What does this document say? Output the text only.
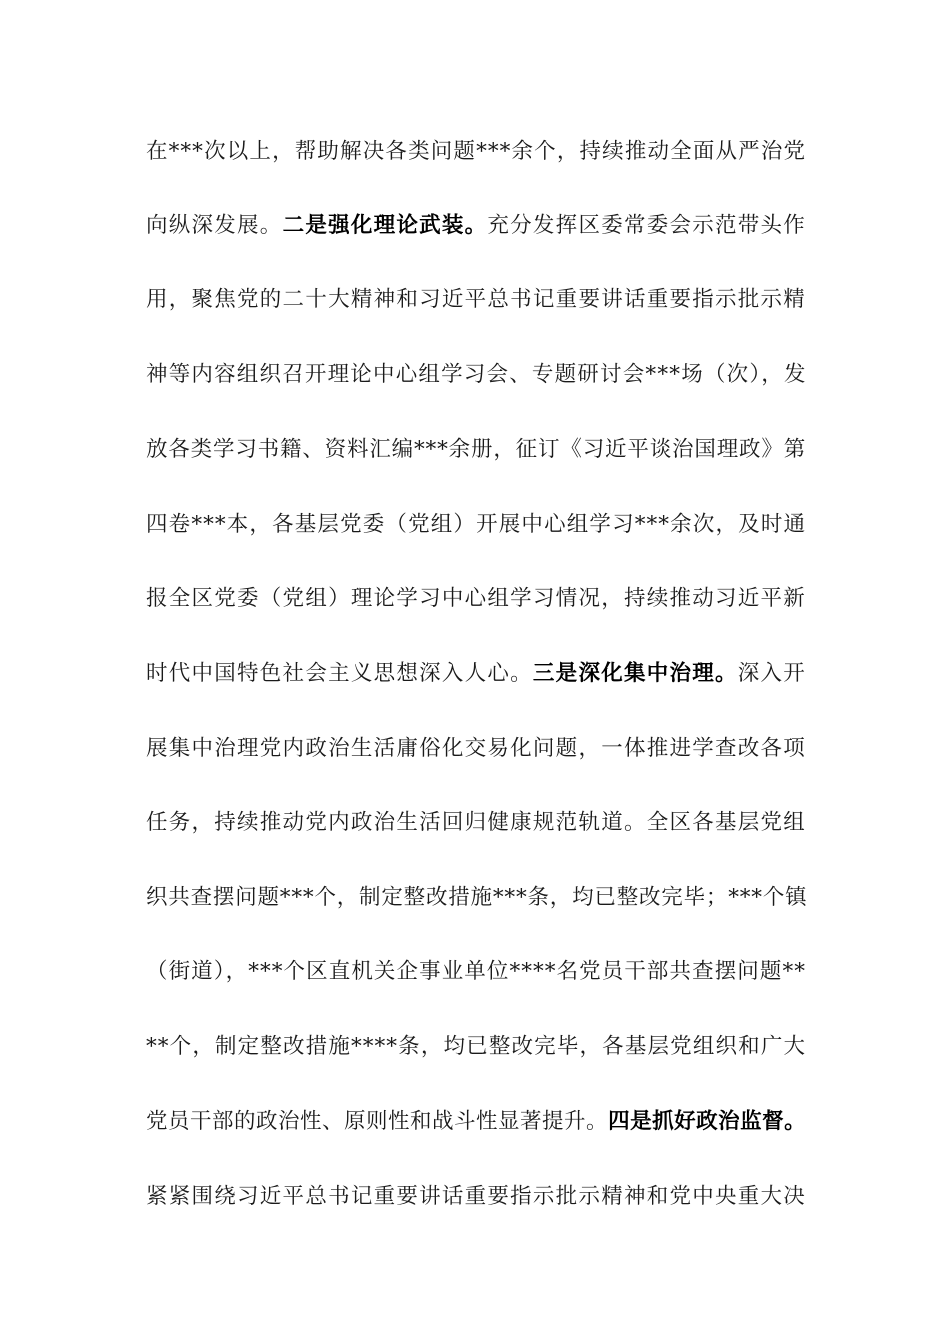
在***次以上，帮助解决各类问题***余个，持续推动全面从严治党
向纵深发展。二是强化理论武装。充分发挥区委常委会示范带头作
用，聚焦党的二十大精神和习近平总书记重要讲话重要指示批示精
神等内容组织召开理论中心组学习会、专题研讨会***场（次），发
放各类学习书籍、资料汇编***余册，征订《习近平谈治国理政》第
四卷***本，各基层党委（党组）开展中心组学习***余次，及时通
报全区党委（党组）理论学习中心组学习情况，持续推动习近平新
时代中国特色社会主义思想深入人心。三是深化集中治理。深入开
展集中治理党内政治生活庸俗化交易化问题，一体推进学查改各项
任务，持续推动党内政治生活回归健康规范轨道。全区各基层党组
织共查摆问题***个，制定整改措施***条，均已整改完毕；***个镇
（街道），***个区直机关企事业单位****名党员干部共查摆问题**
**个，制定整改措施****条，均已整改完毕，各基层党组织和广大
党员干部的政治性、原则性和战斗性显著提升。四是抓好政治监督。
紧紧围绕习近平总书记重要讲话重要指示批示精神和党中央重大决
